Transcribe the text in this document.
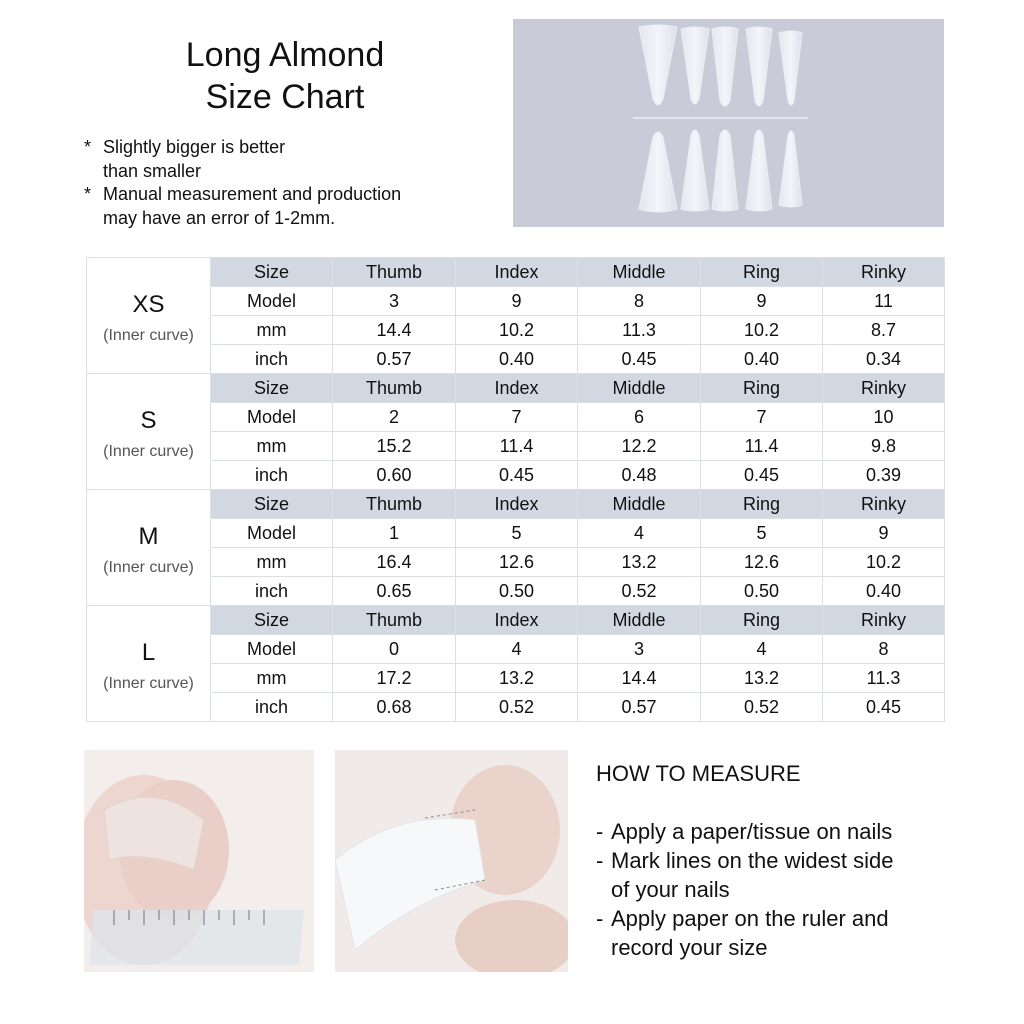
Long Almond
Size Chart

* Slightly bigger is better
than smaller

* Manual measurement and production
may have an error of 1-2mm.

XS
(Inner curve)	Size	Thumb	Index	Middle	Ring	Rinky
	Model	3	9	8	9	11
	mm	14.4	10.2	11.3	10.2	8.7
	inch	0.57	0.40	0.45	0.40	0.34

S
(Inner curve)	Size	Thumb	Index	Middle	Ring	Rinky
	Model	2	7	6	7	10
	mm	15.2	11.4	12.2	11.4	9.8
	inch	0.60	0.45	0.48	0.45	0.39

M
(Inner curve)	Size	Thumb	Index	Middle	Ring	Rinky
	Model	1	5	4	5	9
	mm	16.4	12.6	13.2	12.6	10.2
	inch	0.65	0.50	0.52	0.50	0.40

L
(Inner curve)	Size	Thumb	Index	Middle	Ring	Rinky
	Model	0	4	3	4	8
	mm	17.2	13.2	14.4	13.2	11.3
	inch	0.68	0.52	0.57	0.52	0.45
HOW TO MEASURE
- Apply a paper/tissue on nails
- Mark lines on the widest side
of your nails
- Apply paper on the ruler and
record your size
